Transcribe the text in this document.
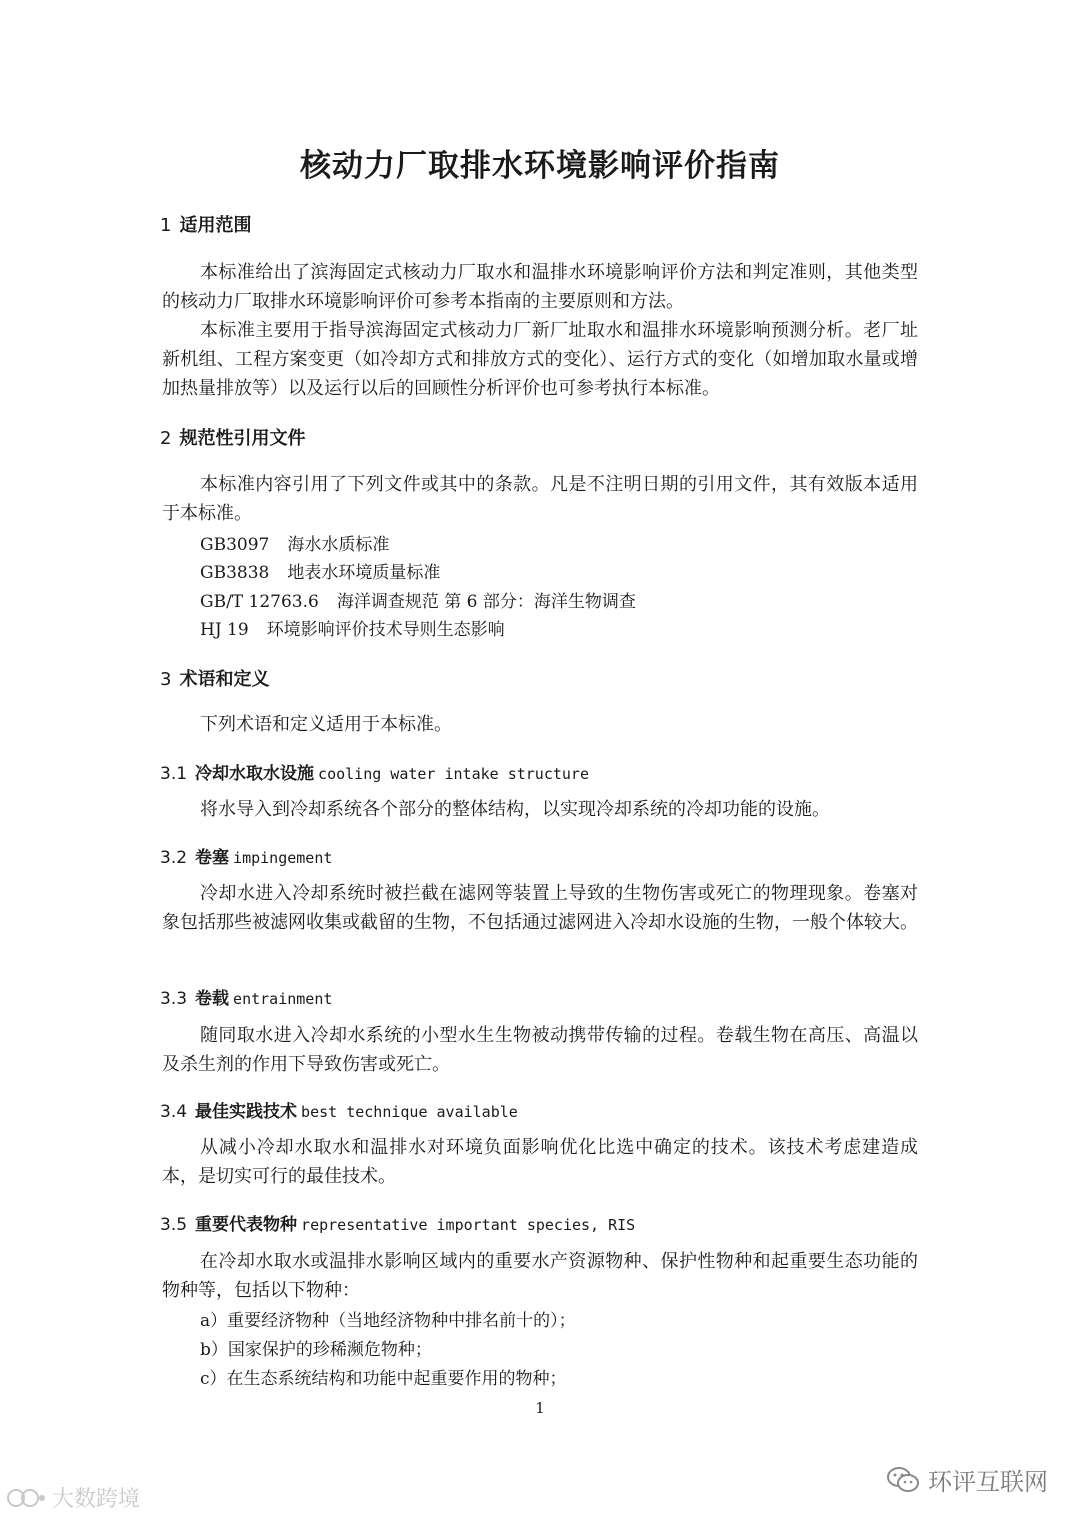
核动力厂取排水环境影响评价指南
1 适用范围
本标准给出了滨海固定式核动力厂取水和温排水环境影响评价方法和判定准则，其他类型的核动力厂取排水环境影响评价可参考本指南的主要原则和方法。
本标准主要用于指导滨海固定式核动力厂新厂址取水和温排水环境影响预测分析。老厂址新机组、工程方案变更（如冷却方式和排放方式的变化）、运行方式的变化（如增加取水量或增加热量排放等）以及运行以后的回顾性分析评价也可参考执行本标准。
2 规范性引用文件
本标准内容引用了下列文件或其中的条款。凡是不注明日期的引用文件，其有效版本适用于本标准。
GB3097 海水水质标准
GB3838 地表水环境质量标准
GB/T 12763.6 海洋调查规范 第 6 部分：海洋生物调查
HJ 19 环境影响评价技术导则生态影响
3 术语和定义
下列术语和定义适用于本标准。
3.1 冷却水取水设施 cooling water intake structure
将水导入到冷却系统各个部分的整体结构，以实现冷却系统的冷却功能的设施。
3.2 卷塞 impingement
冷却水进入冷却系统时被拦截在滤网等装置上导致的生物伤害或死亡的物理现象。卷塞对象包括那些被滤网收集或截留的生物，不包括通过滤网进入冷却水设施的生物，一般个体较大。
3.3 卷载 entrainment
随同取水进入冷却水系统的小型水生生物被动携带传输的过程。卷载生物在高压、高温以及杀生剂的作用下导致伤害或死亡。
3.4 最佳实践技术 best technique available
从减小冷却水取水和温排水对环境负面影响优化比选中确定的技术。该技术考虑建造成本，是切实可行的最佳技术。
3.5 重要代表物种 representative important species, RIS
在冷却水取水或温排水影响区域内的重要水产资源物种、保护性物种和起重要生态功能的物种等，包括以下物种：
a）重要经济物种（当地经济物种中排名前十的）；
b）国家保护的珍稀濒危物种；
c）在生态系统结构和功能中起重要作用的物种；
1
大数跨境
环评互联网
